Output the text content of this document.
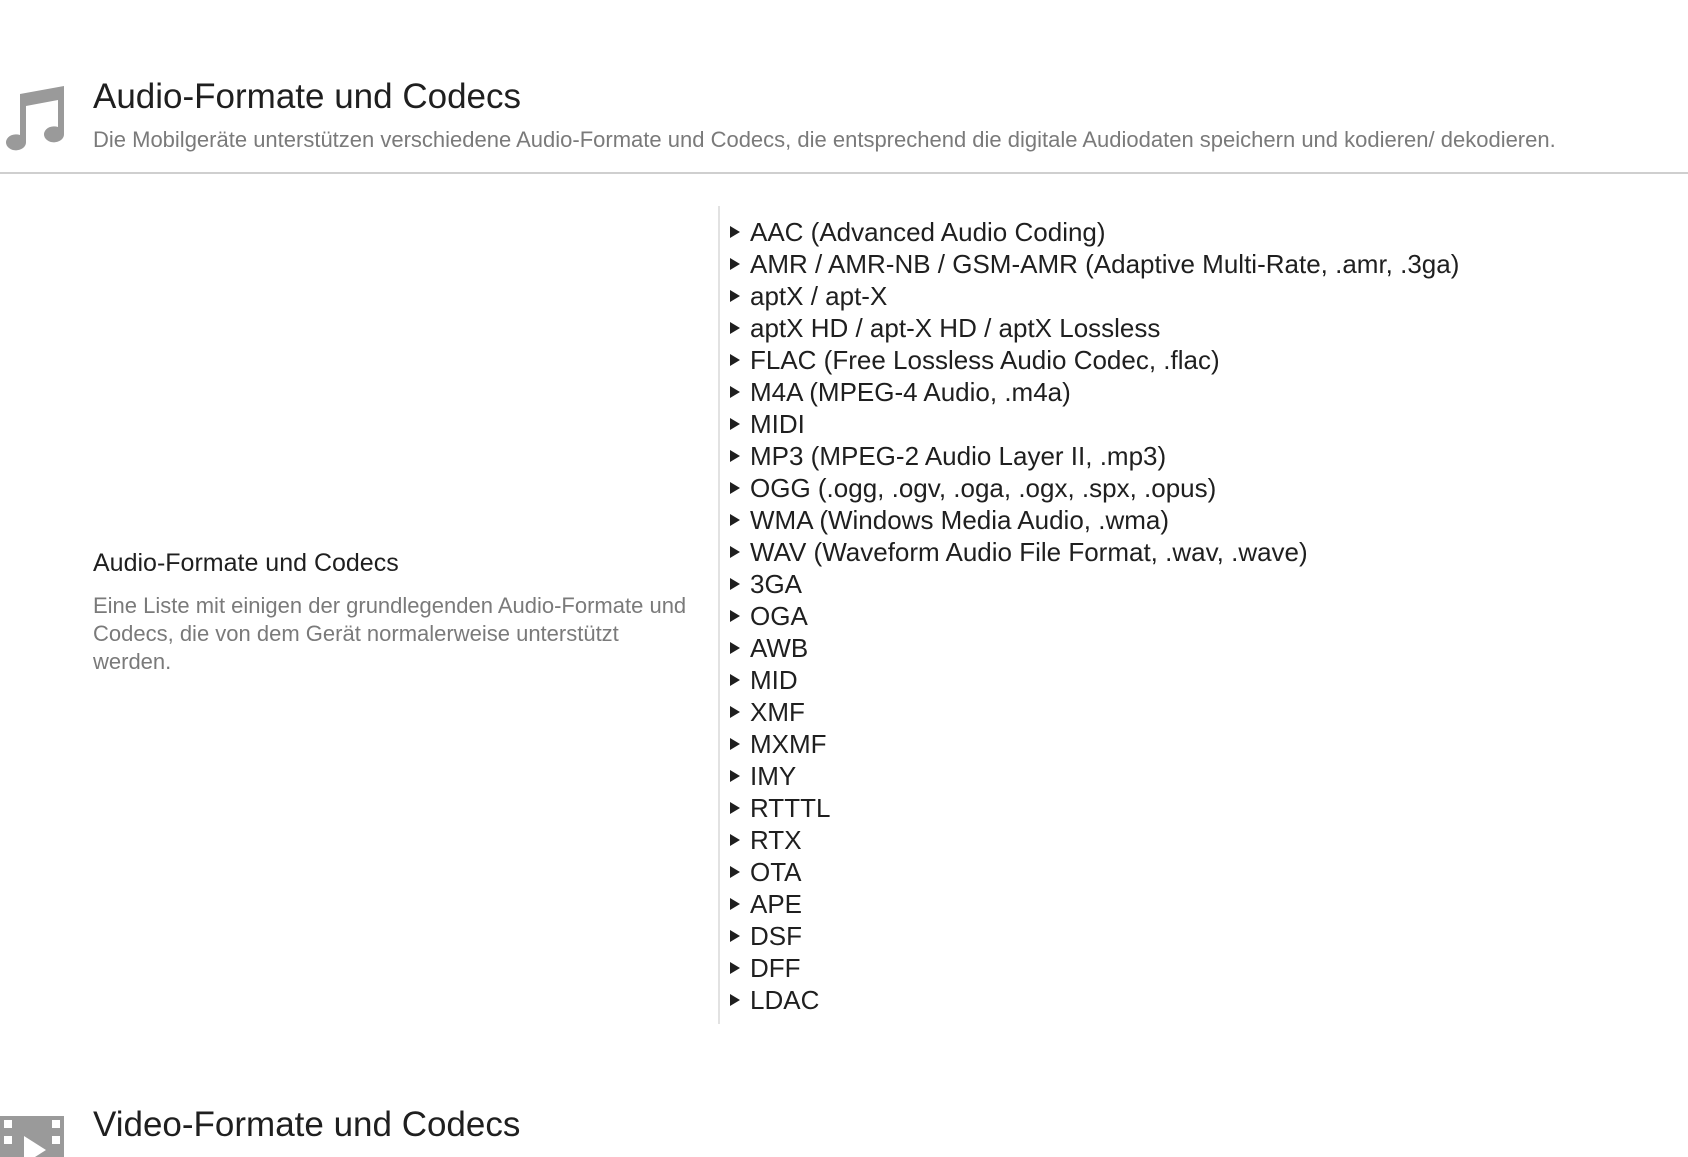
Audio-Formate und Codecs
Die Mobilgeräte unterstützen verschiedene Audio-Formate und Codecs, die entsprechend die digitale Audiodaten speichern und kodieren/ dekodieren.
Audio-Formate und Codecs
Eine Liste mit einigen der grundlegenden Audio-Formate und Codecs, die von dem Gerät normalerweise unterstützt werden.
AAC (Advanced Audio Coding)
AMR / AMR-NB / GSM-AMR (Adaptive Multi-Rate, .amr, .3ga)
aptX / apt-X
aptX HD / apt-X HD / aptX Lossless
FLAC (Free Lossless Audio Codec, .flac)
M4A (MPEG-4 Audio, .m4a)
MIDI
MP3 (MPEG-2 Audio Layer II, .mp3)
OGG (.ogg, .ogv, .oga, .ogx, .spx, .opus)
WMA (Windows Media Audio, .wma)
WAV (Waveform Audio File Format, .wav, .wave)
3GA
OGA
AWB
MID
XMF
MXMF
IMY
RTTTL
RTX
OTA
APE
DSF
DFF
LDAC
Video-Formate und Codecs
